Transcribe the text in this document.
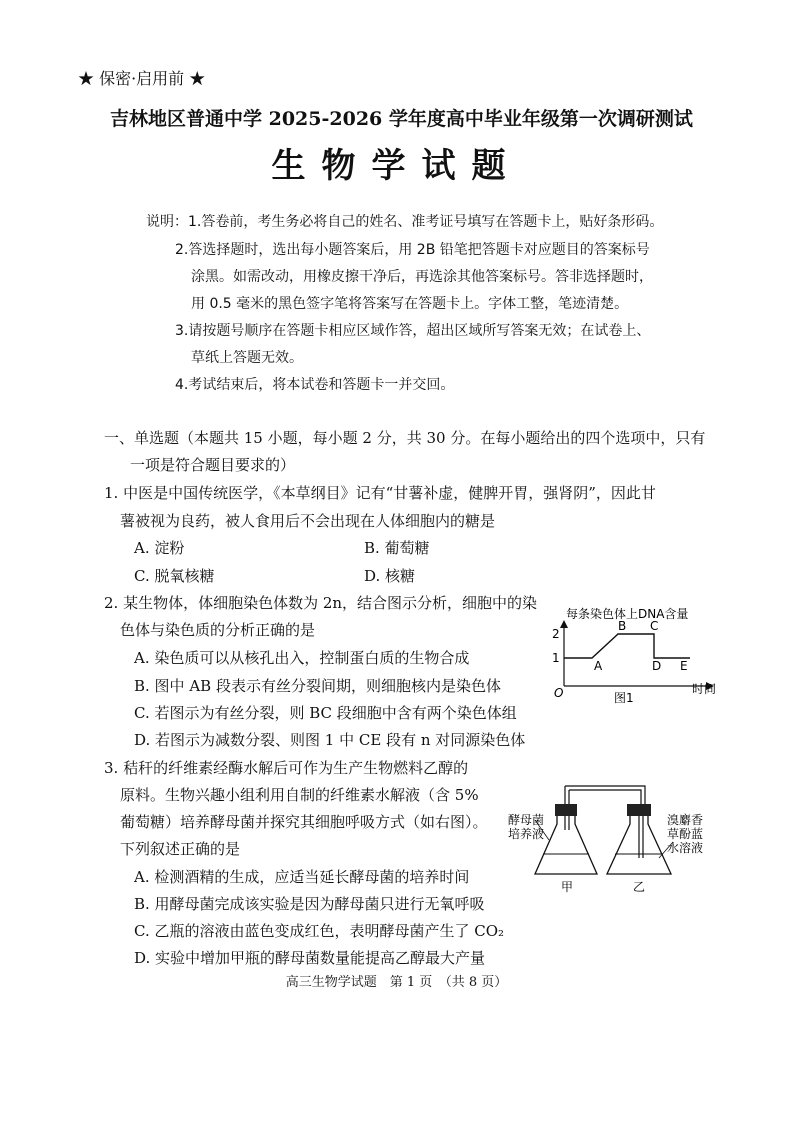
★ 保密·启用前 ★
吉林地区普通中学 2025-2026 学年度高中毕业年级第一次调研测试
生物学试题
说明： 1.答卷前，考生务必将自己的姓名、准考证号填写在答题卡上，贴好条形码。
2.答选择题时，选出每小题答案后，用 2B 铅笔把答题卡对应题目的答案标号
涂黑。如需改动，用橡皮擦干净后，再选涂其他答案标号。答非选择题时，
用 0.5 毫米的黑色签字笔将答案写在答题卡上。字体工整，笔迹清楚。
3.请按题号顺序在答题卡相应区域作答，超出区域所写答案无效；在试卷上、
草纸上答题无效。
4.考试结束后，将本试卷和答题卡一并交回。
一、单选题（本题共 15 小题，每小题 2 分，共 30 分。在每小题给出的四个选项中，只有
一项是符合题目要求的）
1. 中医是中国传统医学，《本草纲目》记有“甘薯补虚，健脾开胃，强肾阴”，因此甘
薯被视为良药，被人食用后不会出现在人体细胞内的糖是
A. 淀粉	B. 葡萄糖
C. 脱氧核糖	D. 核糖
2. 某生物体，体细胞染色体数为 2n，结合图示分析，细胞中的染
色体与染色质的分析正确的是
A. 染色质可以从核孔出入，控制蛋白质的生物合成
B. 图中 AB 段表示有丝分裂间期，则细胞核内是染色体
C. 若图示为有丝分裂，则 BC 段细胞中含有两个染色体组
D. 若图示为减数分裂、则图 1 中 CE 段有 n 对同源染色体
每条染色体上DNA含量
时间
O
2
1
A
B C
D E
图1
3. 秸秆的纤维素经酶水解后可作为生产生物燃料乙醇的
原料。生物兴趣小组利用自制的纤维素水解液（含 5%
葡萄糖）培养酵母菌并探究其细胞呼吸方式（如右图）。
下列叙述正确的是
A. 检测酒精的生成，应适当延长酵母菌的培养时间
B. 用酵母菌完成该实验是因为酵母菌只进行无氧呼吸
C. 乙瓶的溶液由蓝色变成红色，表明酵母菌产生了 CO₂
D. 实验中增加甲瓶的酵母菌数量能提高乙醇最大产量
酵母菌
培养液
溴麝香
草酚蓝
水溶液
甲	乙
高三生物学试题　第 1 页　（共 8 页）
